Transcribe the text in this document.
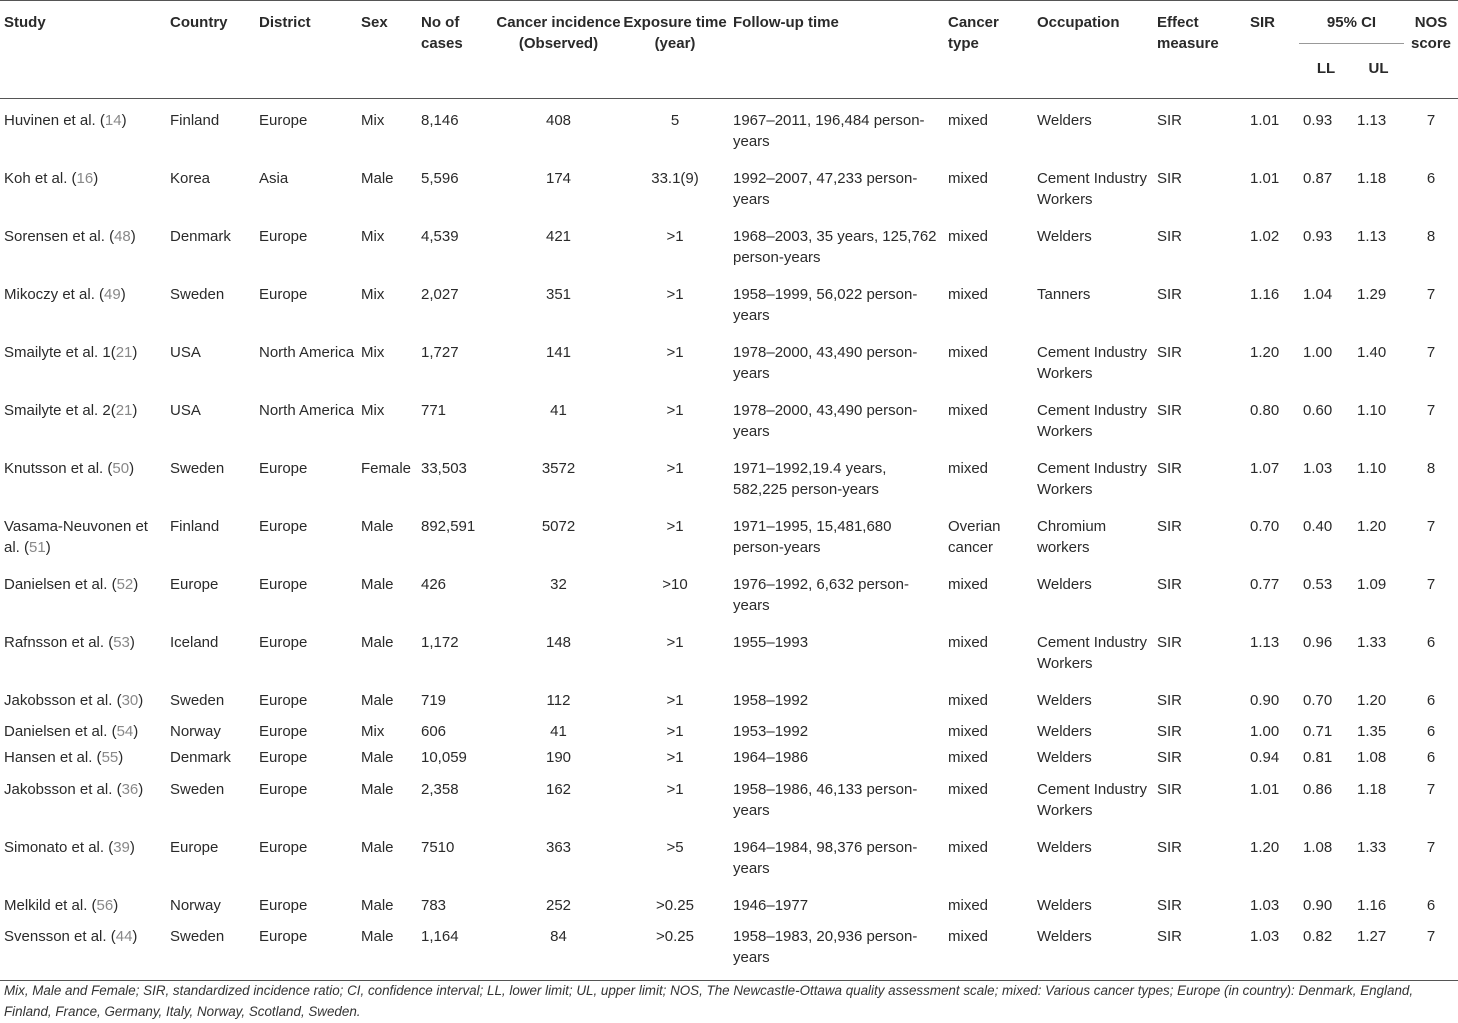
Study	Country	District	Sex	No of cases	Cancer incidence (Observed)	Exposure time (year)	Follow-up time	Cancer type	Occupation	Effect measure	SIR	95% CI		NOS score
												LL	UL	
Huvinen et al. (14)	Finland	Europe	Mix	8,146	408	5	1967–2011, 196,484 person-years	mixed	Welders	SIR	1.01	0.93	1.13	7
Koh et al. (16)	Korea	Asia	Male	5,596	174	33.1(9)	1992–2007, 47,233 person-years	mixed	Cement Industry Workers	SIR	1.01	0.87	1.18	6
Sorensen et al. (48)	Denmark	Europe	Mix	4,539	421	>1	1968–2003, 35 years, 125,762 person-years	mixed	Welders	SIR	1.02	0.93	1.13	8
Mikoczy et al. (49)	Sweden	Europe	Mix	2,027	351	>1	1958–1999, 56,022 person-years	mixed	Tanners	SIR	1.16	1.04	1.29	7
Smailyte et al. 1(21)	USA	North America	Mix	1,727	141	>1	1978–2000, 43,490 person-years	mixed	Cement Industry Workers	SIR	1.20	1.00	1.40	7
Smailyte et al. 2(21)	USA	North America	Mix	771	41	>1	1978–2000, 43,490 person-years	mixed	Cement Industry Workers	SIR	0.80	0.60	1.10	7
Knutsson et al. (50)	Sweden	Europe	Female	33,503	3572	>1	1971–1992,19.4 years, 582,225 person-years	mixed	Cement Industry Workers	SIR	1.07	1.03	1.10	8
Vasama-Neuvonen et al. (51)	Finland	Europe	Male	892,591	5072	>1	1971–1995, 15,481,680 person-years	Overian cancer	Chromium workers	SIR	0.70	0.40	1.20	7
Danielsen et al. (52)	Europe	Europe	Male	426	32	>10	1976–1992, 6,632 person-years	mixed	Welders	SIR	0.77	0.53	1.09	7
Rafnsson et al. (53)	Iceland	Europe	Male	1,172	148	>1	1955–1993	mixed	Cement Industry Workers	SIR	1.13	0.96	1.33	6
Jakobsson et al. (30)	Sweden	Europe	Male	719	112	>1	1958–1992	mixed	Welders	SIR	0.90	0.70	1.20	6
Danielsen et al. (54)	Norway	Europe	Mix	606	41	>1	1953–1992	mixed	Welders	SIR	1.00	0.71	1.35	6
Hansen et al. (55)	Denmark	Europe	Male	10,059	190	>1	1964–1986	mixed	Welders	SIR	0.94	0.81	1.08	6
Jakobsson et al. (36)	Sweden	Europe	Male	2,358	162	>1	1958–1986, 46,133 person-years	mixed	Cement Industry Workers	SIR	1.01	0.86	1.18	7
Simonato et al. (39)	Europe	Europe	Male	7510	363	>5	1964–1984, 98,376 person-years	mixed	Welders	SIR	1.20	1.08	1.33	7
Melkild et al. (56)	Norway	Europe	Male	783	252	>0.25	1946–1977	mixed	Welders	SIR	1.03	0.90	1.16	6
Svensson et al. (44)	Sweden	Europe	Male	1,164	84	>0.25	1958–1983, 20,936 person-years	mixed	Welders	SIR	1.03	0.82	1.27	7
Mix, Male and Female; SIR, standardized incidence ratio; CI, confidence interval; LL, lower limit; UL, upper limit; NOS, The Newcastle-Ottawa quality assessment scale; mixed: Various cancer types; Europe (in country): Denmark, England, Finland, France, Germany, Italy, Norway, Scotland, Sweden.
